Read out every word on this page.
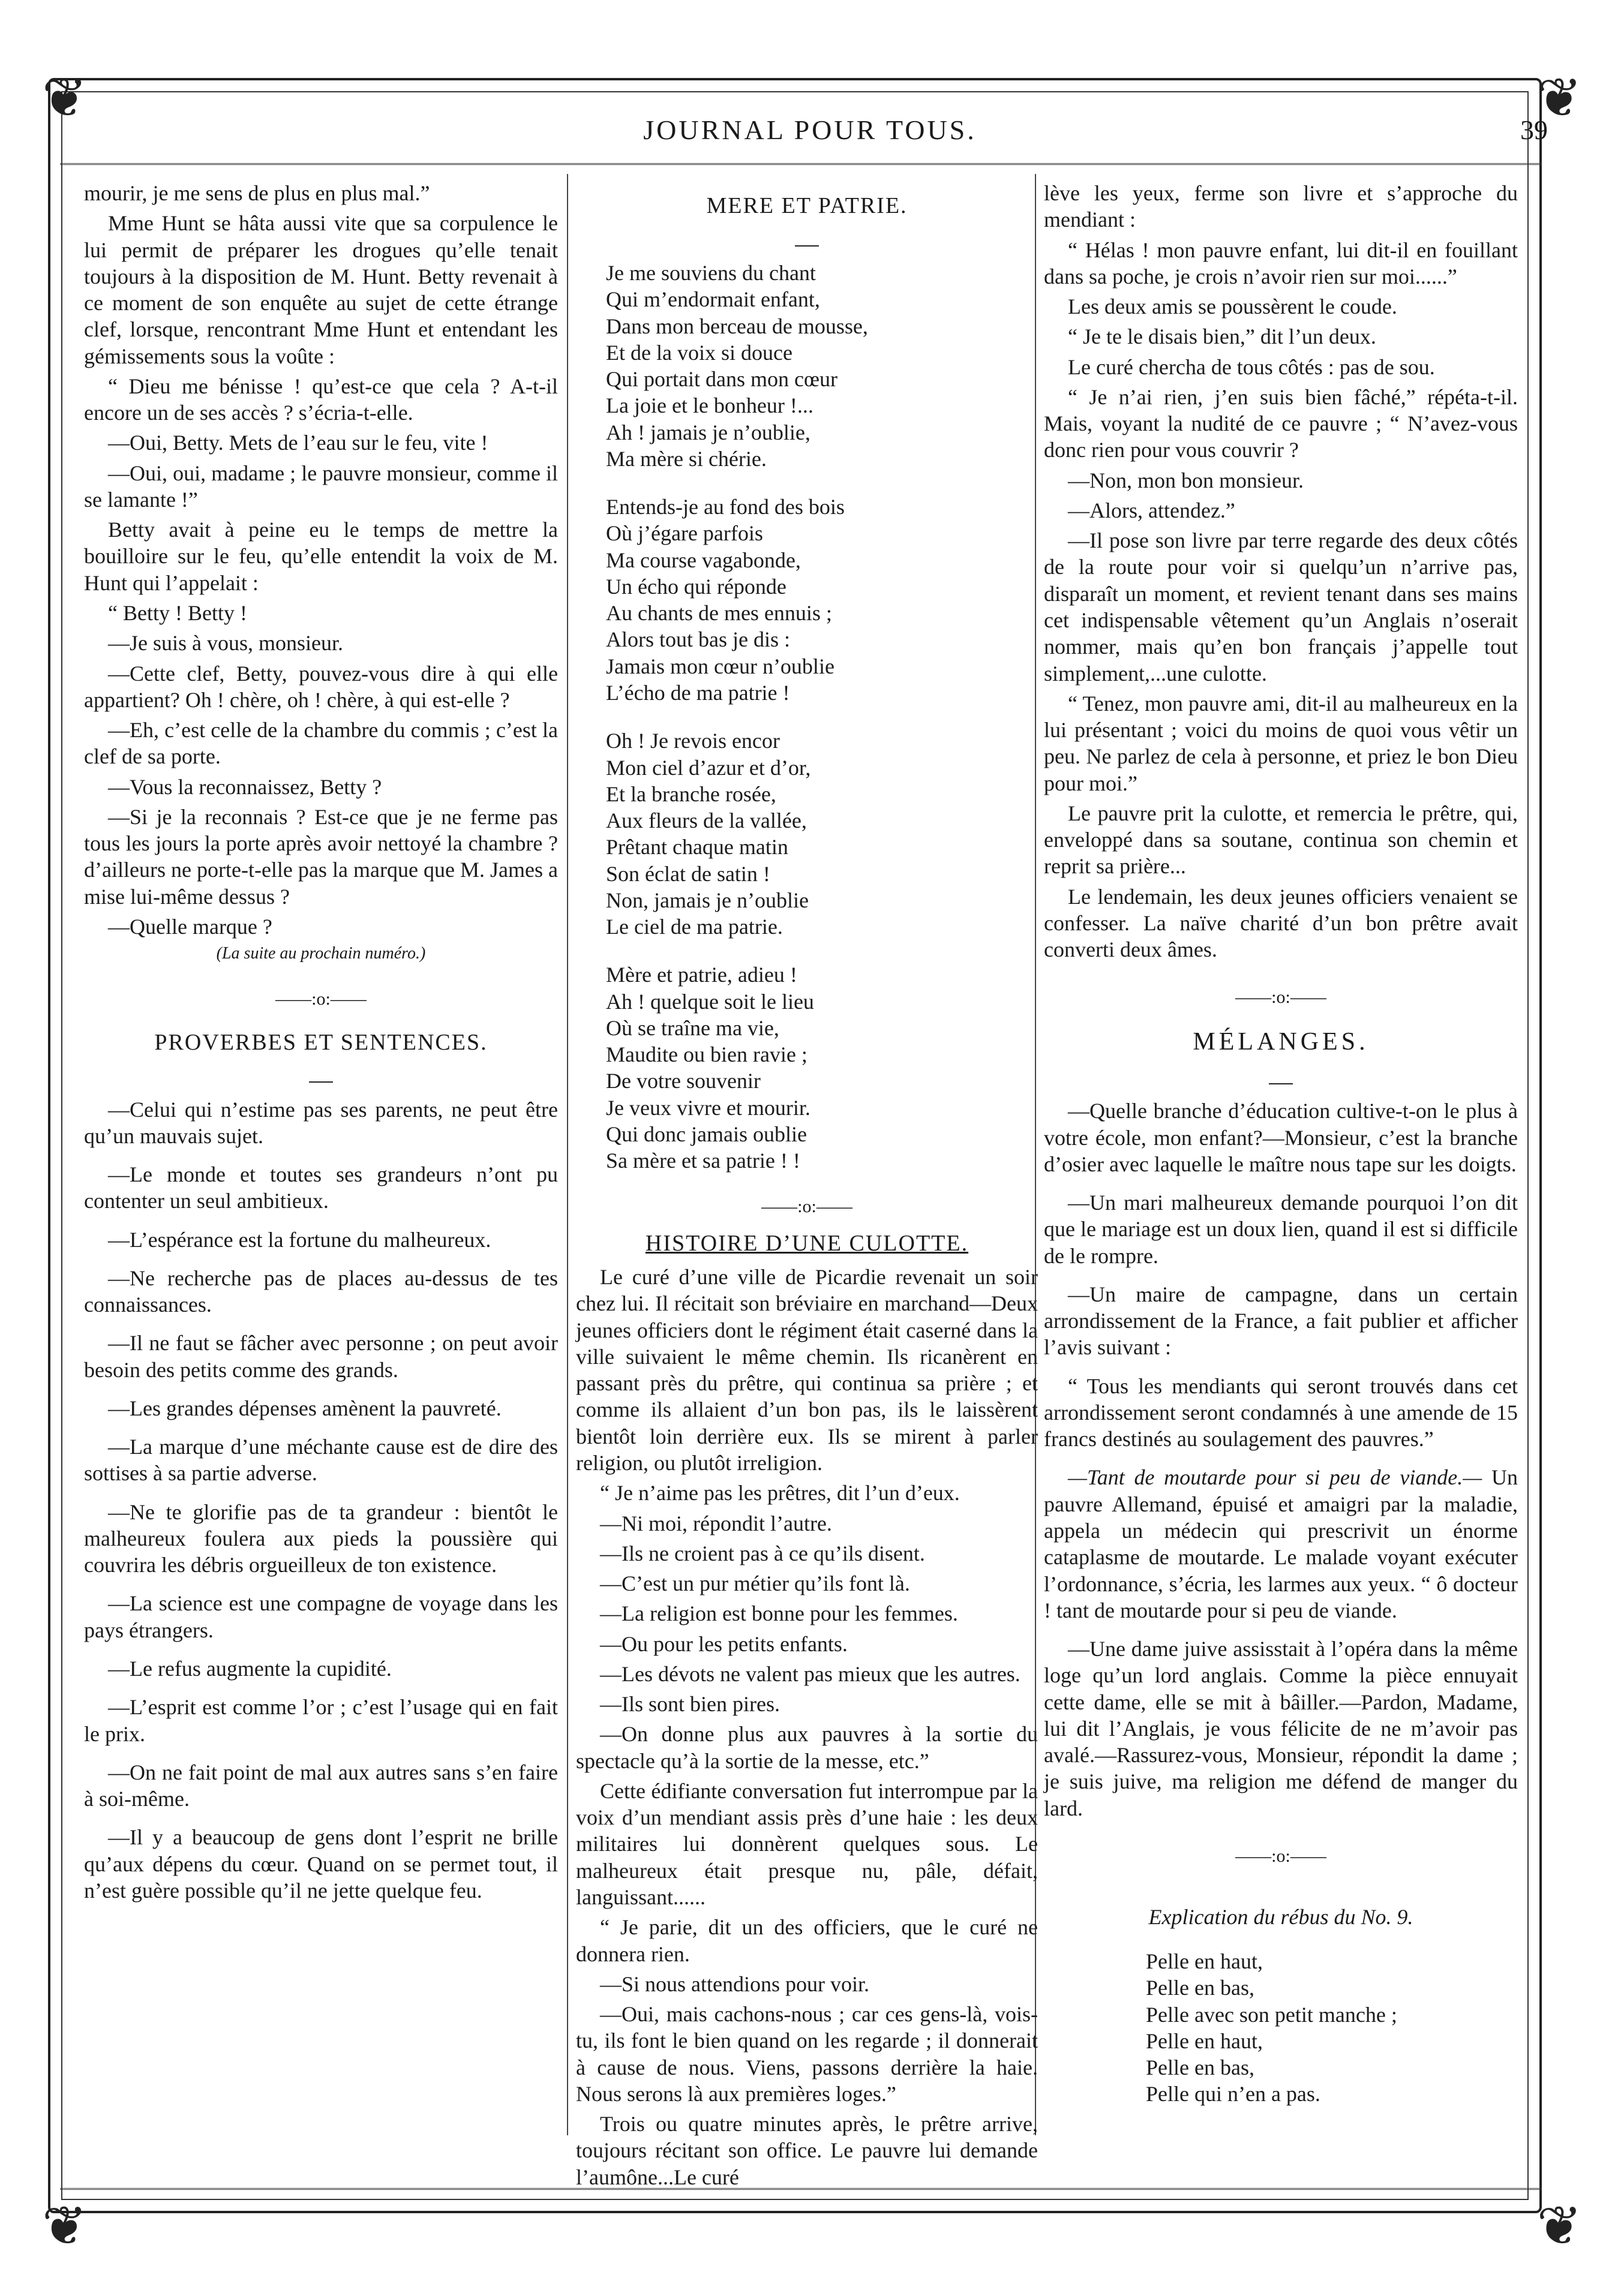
❦	❦
❦	❦
JOURNAL POUR TOUS.	39

mourir, je me sens de plus en plus mal.”

Mme Hunt se hâta aussi vite que sa corpulence le lui permit de préparer les drogues qu’elle tenait toujours à la disposition de M. Hunt. Betty revenait à ce moment de son enquête au sujet de cette étrange clef, lorsque, rencontrant Mme Hunt et entendant les gémissements sous la voûte :

“ Dieu me bénisse ! qu’est-ce que cela ? A-t-il encore un de ses accès ? s’écria-t-elle.

—Oui, Betty. Mets de l’eau sur le feu, vite !

—Oui, oui, madame ; le pauvre monsieur, comme il se lamante !”

Betty avait à peine eu le temps de mettre la bouilloire sur le feu, qu’elle entendit la voix de M. Hunt qui l’appelait :

“ Betty ! Betty !

—Je suis à vous, monsieur.

—Cette clef, Betty, pouvez-vous dire à qui elle appartient? Oh ! chère, oh ! chère, à qui est-elle ?

—Eh, c’est celle de la chambre du commis ; c’est la clef de sa porte.

—Vous la reconnaissez, Betty ?

—Si je la reconnais ? Est-ce que je ne ferme pas tous les jours la porte après avoir nettoyé la chambre ? d’ailleurs ne porte-t-elle pas la marque que M. James a mise lui-même dessus ?

—Quelle marque ?

(La suite au prochain numéro.)
——:o:——
PROVERBES ET SENTENCES.

—Celui qui n’estime pas ses parents, ne peut être qu’un mauvais sujet.

—Le monde et toutes ses grandeurs n’ont pu contenter un seul ambitieux.

—L’espérance est la fortune du malheureux.

—Ne recherche pas de places au-dessus de tes connaissances.

—Il ne faut se fâcher avec personne ; on peut avoir besoin des petits comme des grands.

—Les grandes dépenses amènent la pauvreté.

—La marque d’une méchante cause est de dire des sottises à sa partie adverse.

—Ne te glorifie pas de ta grandeur : bientôt le malheureux foulera aux pieds la poussière qui couvrira les débris orgueilleux de ton existence.

—La science est une compagne de voyage dans les pays étrangers.

—Le refus augmente la cupidité.

—L’esprit est comme l’or ; c’est l’usage qui en fait le prix.

—On ne fait point de mal aux autres sans s’en faire à soi-même.

—Il y a beaucoup de gens dont l’esprit ne brille qu’aux dépens du cœur. Quand on se permet tout, il n’est guère possible qu’il ne jette quelque feu.

MERE ET PATRIE.
Je me souviens du chant
Qui m’endormait enfant,
Dans mon berceau de mousse,
Et de la voix si douce
Qui portait dans mon cœur
La joie et le bonheur !...
Ah ! jamais je n’oublie,
Ma mère si chérie.
Entends-je au fond des bois
Où j’égare parfois
Ma course vagabonde,
Un écho qui réponde
Au chants de mes ennuis ;
Alors tout bas je dis :
Jamais mon cœur n’oublie
L’écho de ma patrie !
Oh ! Je revois encor
Mon ciel d’azur et d’or,
Et la branche rosée,
Aux fleurs de la vallée,
Prêtant chaque matin
Son éclat de satin !
Non, jamais je n’oublie
Le ciel de ma patrie.
Mère et patrie, adieu !
Ah ! quelque soit le lieu
Où se traîne ma vie,
Maudite ou bien ravie ;
De votre souvenir
Je veux vivre et mourir.
Qui donc jamais oublie
Sa mère et sa patrie ! !
——:o:——
HISTOIRE D’UNE CULOTTE.

Le curé d’une ville de Picardie revenait un soir chez lui. Il récitait son bréviaire en marchand—Deux jeunes officiers dont le régiment était caserné dans la ville suivaient le même chemin. Ils ricanèrent en passant près du prêtre, qui continua sa prière ; et comme ils allaient d’un bon pas, ils le laissèrent bientôt loin derrière eux. Ils se mirent à parler religion, ou plutôt irreligion.

“ Je n’aime pas les prêtres, dit l’un d’eux.

—Ni moi, répondit l’autre.

—Ils ne croient pas à ce qu’ils disent.

—C’est un pur métier qu’ils font là.

—La religion est bonne pour les femmes.

—Ou pour les petits enfants.

—Les dévots ne valent pas mieux que les autres.

—Ils sont bien pires.

—On donne plus aux pauvres à la sortie du spectacle qu’à la sortie de la messe, etc.”

Cette édifiante conversation fut interrompue par la voix d’un mendiant assis près d’une haie : les deux militaires lui donnèrent quelques sous. Le malheureux était presque nu, pâle, défait, languissant......

“ Je parie, dit un des officiers, que le curé ne donnera rien.

—Si nous attendions pour voir.

—Oui, mais cachons-nous ; car ces gens-là, vois-tu, ils font le bien quand on les regarde ; il donnerait à cause de nous. Viens, passons derrière la haie. Nous serons là aux premières loges.”

Trois ou quatre minutes après, le prêtre arrive, toujours récitant son office. Le pauvre lui demande l’aumône...Le curé

lève les yeux, ferme son livre et s’approche du mendiant :

“ Hélas ! mon pauvre enfant, lui dit-il en fouillant dans sa poche, je crois n’avoir rien sur moi......”

Les deux amis se poussèrent le coude.

“ Je te le disais bien,” dit l’un deux.

Le curé chercha de tous côtés : pas de sou.

“ Je n’ai rien, j’en suis bien fâché,” répéta-t-il. Mais, voyant la nudité de ce pauvre ; “ N’avez-vous donc rien pour vous couvrir ?

—Non, mon bon monsieur.

—Alors, attendez.”

—Il pose son livre par terre regarde des deux côtés de la route pour voir si quelqu’un n’arrive pas, disparaît un moment, et revient tenant dans ses mains cet indispensable vêtement qu’un Anglais n’oserait nommer, mais qu’en bon français j’appelle tout simplement,...une culotte.

“ Tenez, mon pauvre ami, dit-il au malheureux en la lui présentant ; voici du moins de quoi vous vêtir un peu. Ne parlez de cela à personne, et priez le bon Dieu pour moi.”

Le pauvre prit la culotte, et remercia le prêtre, qui, enveloppé dans sa soutane, continua son chemin et reprit sa prière...

Le lendemain, les deux jeunes officiers venaient se confesser. La naïve charité d’un bon prêtre avait converti deux âmes.

——:o:——
MÉLANGES.

—Quelle branche d’éducation cultive-t-on le plus à votre école, mon enfant?—Monsieur, c’est la branche d’osier avec laquelle le maître nous tape sur les doigts.

—Un mari malheureux demande pourquoi l’on dit que le mariage est un doux lien, quand il est si difficile de le rompre.

—Un maire de campagne, dans un certain arrondissement de la France, a fait publier et afficher l’avis suivant :

“ Tous les mendiants qui seront trouvés dans cet arrondissement seront condamnés à une amende de 15 francs destinés au soulagement des pauvres.”

—Tant de moutarde pour si peu de viande.— Un pauvre Allemand, épuisé et amaigri par la maladie, appela un médecin qui prescrivit un énorme cataplasme de moutarde. Le malade voyant exécuter l’ordonnance, s’écria, les larmes aux yeux. “ ô docteur ! tant de moutarde pour si peu de viande.

—Une dame juive assisstait à l’opéra dans la même loge qu’un lord anglais. Comme la pièce ennuyait cette dame, elle se mit à bâiller.—Pardon, Madame, lui dit l’Anglais, je vous félicite de ne m’avoir pas avalé.—Rassurez-vous, Monsieur, répondit la dame ; je suis juive, ma religion me défend de manger du lard.

——:o:——
Explication du rébus du No. 9.
Pelle en haut,
Pelle en bas,
Pelle avec son petit manche ;
Pelle en haut,
Pelle en bas,
Pelle qui n’en a pas.
